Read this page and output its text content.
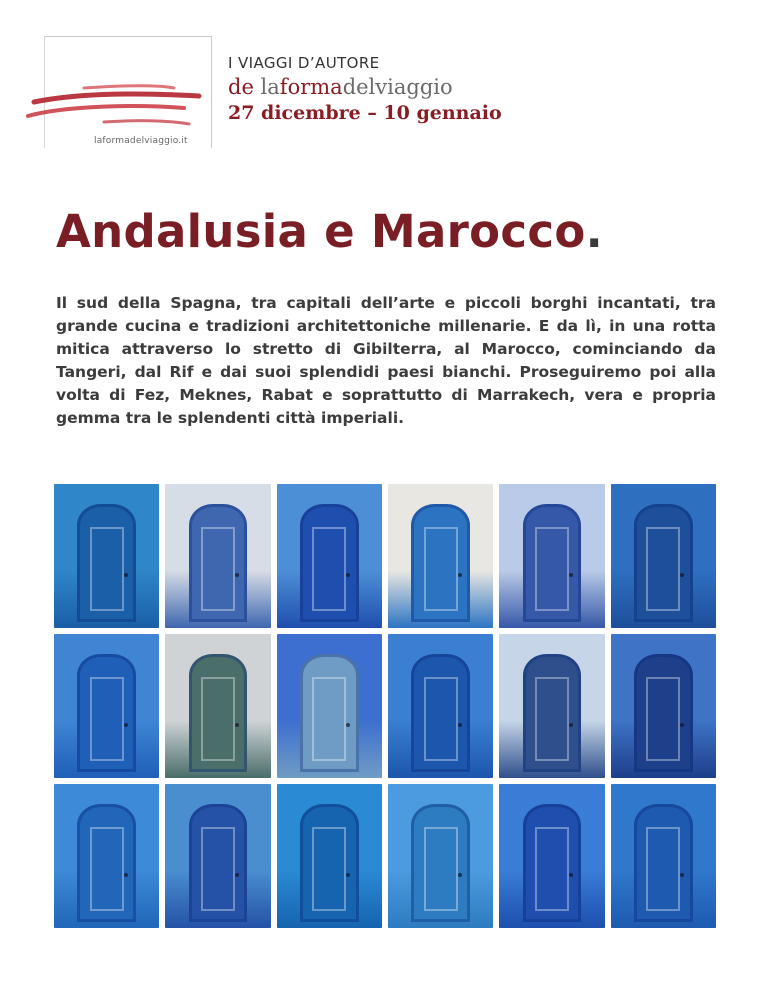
laformadelviaggio.it
I VIAGGI D’AUTORE
de laformadelviaggio
27 dicembre – 10 gennaio
Andalusia e Marocco.

Il sud della Spagna, tra capitali dell’arte e piccoli borghi incantati, tra grande cucina e tradizioni architettoniche millenarie. E da lì, in una rotta mitica attraverso lo stretto di Gibilterra, al Marocco, cominciando da Tangeri, dal Rif e dai suoi splendidi paesi bianchi. Proseguiremo poi alla volta di Fez, Meknes, Rabat e soprattutto di Marrakech, vera e propria gemma tra le splendenti città imperiali.
